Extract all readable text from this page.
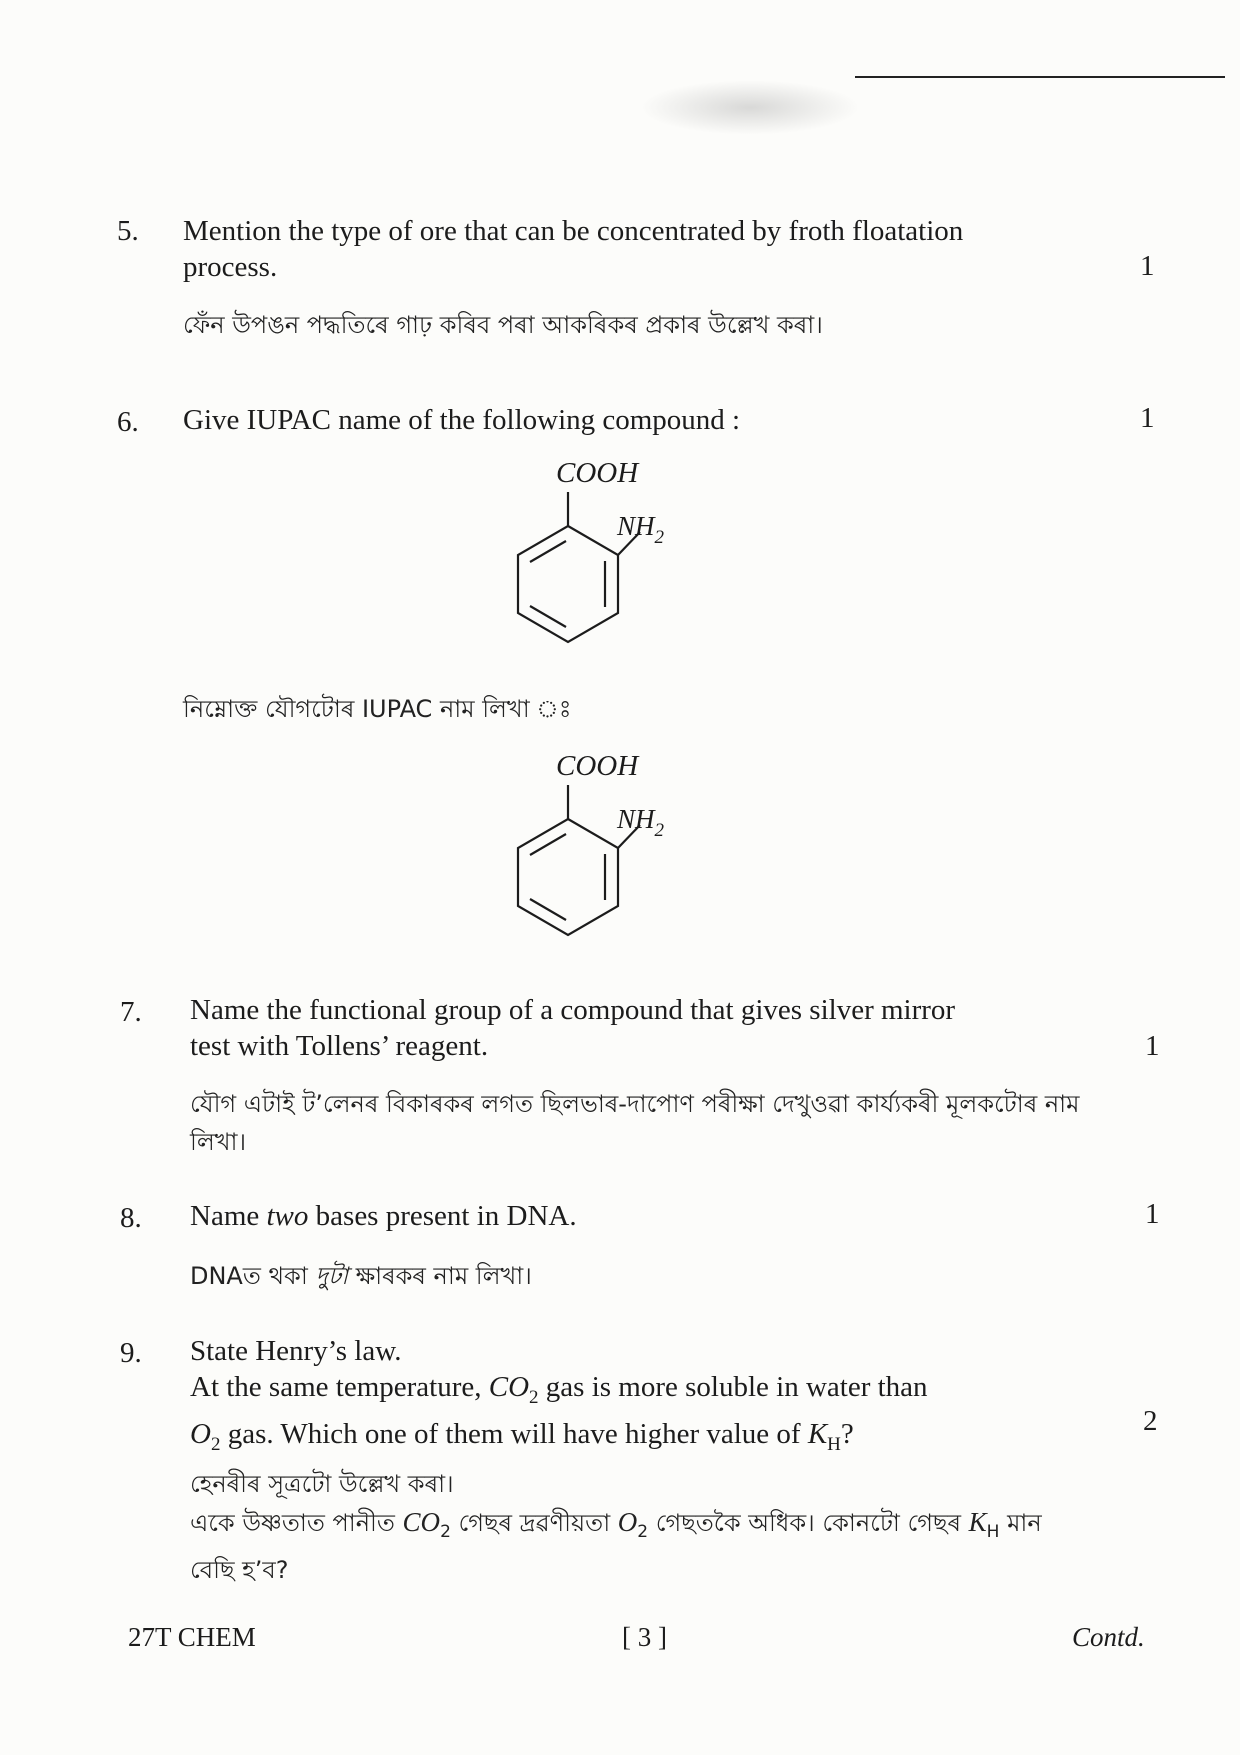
5. Mention the type of ore that can be concentrated by froth floatation
process.	1
ফেঁন উপঙন পদ্ধতিৰে গাঢ় কৰিব পৰা আকৰিকৰ প্ৰকাৰ উল্লেখ কৰা।
6. Give IUPAC name of the following compound :	1
COOH
$NH_2$
নিম্নোক্ত যৌগটোৰ IUPAC নাম লিখা ঃ
COOH
$NH_2$
7. Name the functional group of a compound that gives silver mirror
test with Tollens’ reagent.	1
যৌগ এটাই ট’লেনৰ বিকাৰকৰ লগত ছিলভাৰ-দাপোণ পৰীক্ষা দেখুওৱা কাৰ্য্যকৰী মূলকটোৰ নাম
লিখা।
8. Name two bases present in DNA.	1
DNAত থকা দুটা ক্ষাৰকৰ নাম লিখা।
9. State Henry’s law.
At the same temperature, $CO_2$ gas is more soluble in water than
$O_2$ gas. Which one of them will have higher value of $K_H$?	2
হেনৰীৰ সূত্ৰটো উল্লেখ কৰা।
একে উষ্ণতাত পানীত $CO_2$ গেছৰ দ্ৰৱণীয়তা $O_2$ গেছতকৈ অধিক। কোনটো গেছৰ $K_H$ মান
বেছি হ’ব?
27T CHEM	[ 3 ]	Contd.
